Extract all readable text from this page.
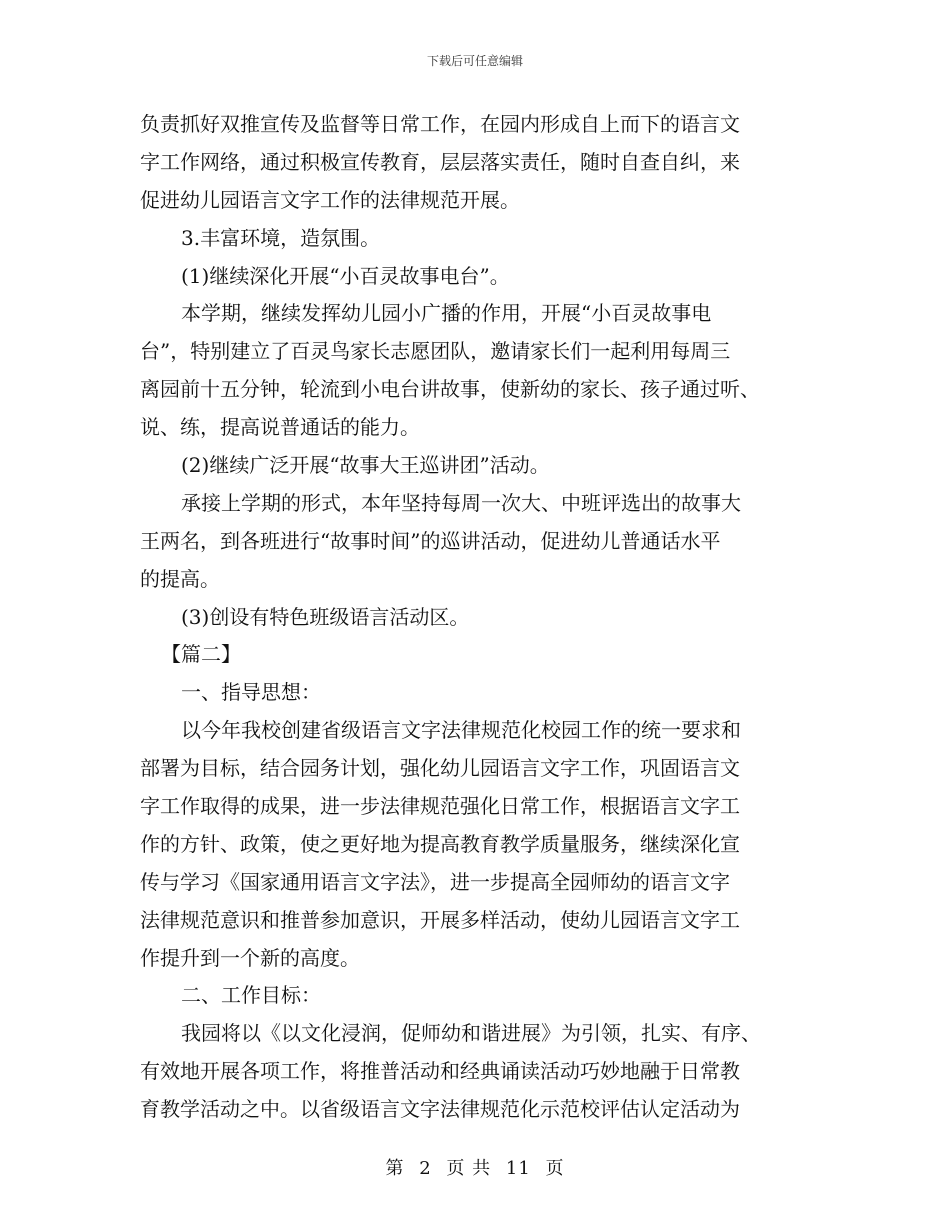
下载后可任意编辑
负责抓好双推宣传及监督等日常工作，在园内形成自上而下的语言文
字工作网络，通过积极宣传教育，层层落实责任，随时自查自纠，来
促进幼儿园语言文字工作的法律规范开展。
3.丰富环境，造氛围。
(1)继续深化开展“小百灵故事电台”。
本学期，继续发挥幼儿园小广播的作用，开展“小百灵故事电
台”，特别建立了百灵鸟家长志愿团队，邀请家长们一起利用每周三
离园前十五分钟，轮流到小电台讲故事，使新幼的家长、孩子通过听、
说、练，提高说普通话的能力。
(2)继续广泛开展“故事大王巡讲团”活动。
承接上学期的形式，本年坚持每周一次大、中班评选出的故事大
王两名，到各班进行“故事时间”的巡讲活动，促进幼儿普通话水平
的提高。
(3)创设有特色班级语言活动区。
【篇二】
一、指导思想：
以今年我校创建省级语言文字法律规范化校园工作的统一要求和
部署为目标，结合园务计划，强化幼儿园语言文字工作，巩固语言文
字工作取得的成果，进一步法律规范强化日常工作，根据语言文字工
作的方针、政策，使之更好地为提高教育教学质量服务，继续深化宣
传与学习《国家通用语言文字法》，进一步提高全园师幼的语言文字
法律规范意识和推普参加意识，开展多样活动，使幼儿园语言文字工
作提升到一个新的高度。
二、工作目标：
我园将以《以文化浸润，促师幼和谐进展》为引领，扎实、有序、
有效地开展各项工作，将推普活动和经典诵读活动巧妙地融于日常教
育教学活动之中。以省级语言文字法律规范化示范校评估认定活动为
第 2 页 共 11 页
